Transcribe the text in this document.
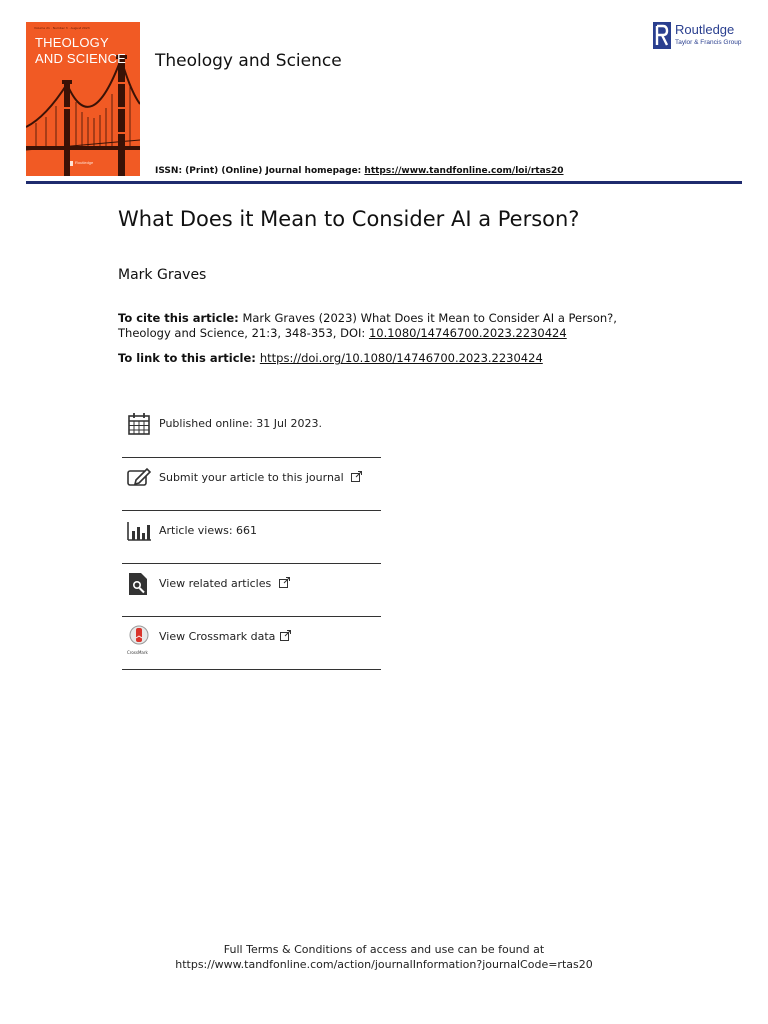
Volume 21 · Number 3 · August 2023
THEOLOGY
AND SCIENCE
Routledge
Theology and Science
Routledge
Taylor & Francis Group
ISSN: (Print) (Online) Journal homepage: https://www.tandfonline.com/loi/rtas20
What Does it Mean to Consider AI a Person?
Mark Graves
To cite this article: Mark Graves (2023) What Does it Mean to Consider AI a Person?, Theology and Science, 21:3, 348-353, DOI: 10.1080/14746700.2023.2230424
To link to this article: https://doi.org/10.1080/14746700.2023.2230424
Published online: 31 Jul 2023.
Submit your article to this journal
Article views: 661
View related articles
CrossMark
View Crossmark data
Full Terms & Conditions of access and use can be found at
https://www.tandfonline.com/action/journalInformation?journalCode=rtas20
